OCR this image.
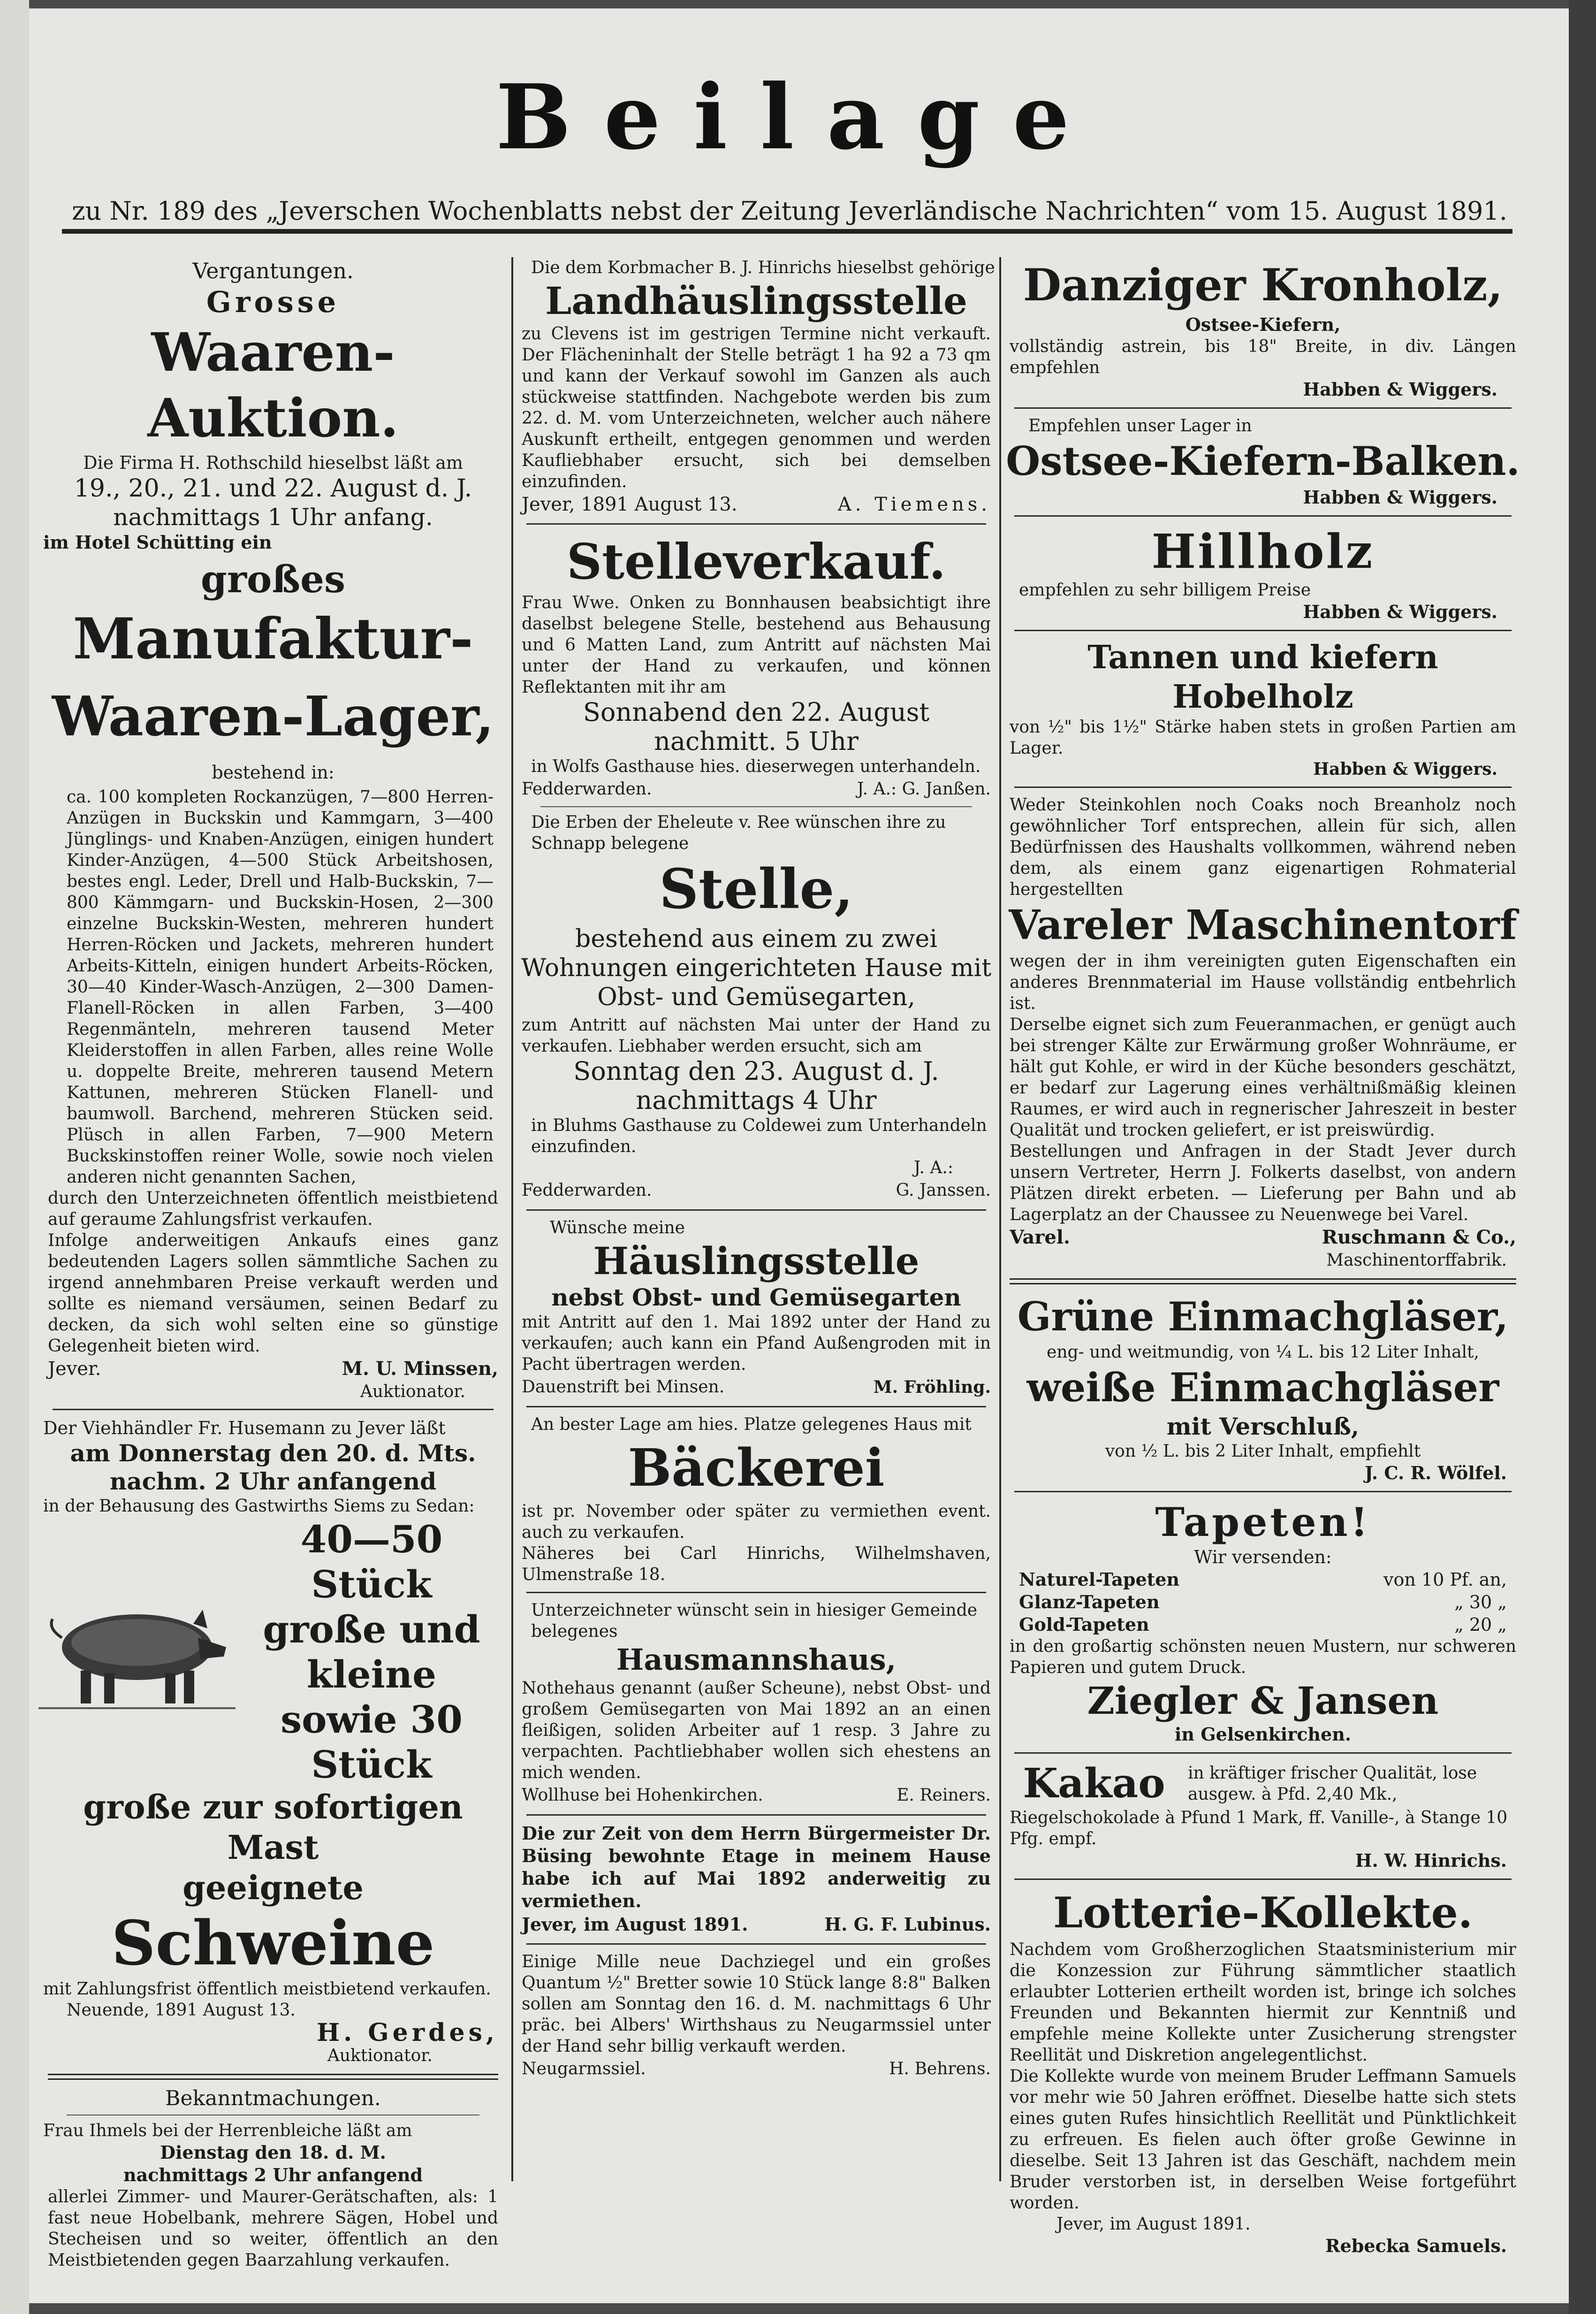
Beilage
zu Nr. 189 des „Jeverschen Wochenblatts nebst der Zeitung Jeverländische Nachrichten“ vom 15. August 1891.
Vergantungen.
Grosse
Waaren-Auktion.
Die Firma H. Rothschild hieselbst läßt am
19., 20., 21. und 22. August d. J.
nachmittags 1 Uhr anfang.
im Hotel Schütting ein
großes
Manufaktur-
Waaren-Lager,
bestehend in:
ca. 100 kompleten Rockanzügen, 7—800 Herren-Anzügen in Buckskin und Kammgarn, 3—400 Jünglings- und Knaben-Anzügen, einigen hundert Kinder-Anzügen, 4—500 Stück Arbeitshosen, bestes engl. Leder, Drell und Halb-Buckskin, 7—800 Kämmgarn- und Buckskin-Hosen, 2—300 einzelne Buckskin-Westen, mehreren hundert Herren-Röcken und Jackets, mehreren hundert Arbeits-Kitteln, einigen hundert Arbeits-Röcken, 30—40 Kinder-Wasch-Anzügen, 2—300 Damen-Flanell-Röcken in allen Farben, 3—400 Regenmänteln, mehreren tausend Meter Kleiderstoffen in allen Farben, alles reine Wolle u. doppelte Breite, mehreren tausend Metern Kattunen, mehreren Stücken Flanell- und baumwoll. Barchend, mehreren Stücken seid. Plüsch in allen Farben, 7—900 Metern Buckskinstoffen reiner Wolle, sowie noch vielen anderen nicht genannten Sachen,
durch den Unterzeichneten öffentlich meistbietend auf geraume Zahlungsfrist verkaufen.
Infolge anderweitigen Ankaufs eines ganz bedeutenden Lagers sollen sämmtliche Sachen zu irgend annehmbaren Preise verkauft werden und sollte es niemand versäumen, seinen Bedarf zu decken, da sich wohl selten eine so günstige Gelegenheit bieten wird.
Jever.	M. U. Minssen,
Auktionator.
Der Viehhändler Fr. Husemann zu Jever läßt
am Donnerstag den 20. d. Mts.
nachm. 2 Uhr anfangend
in der Behausung des Gastwirths Siems zu Sedan:
40—50 Stück
große und kleine
sowie 30 Stück
große zur sofortigen Mast
geeignete
Schweine
mit Zahlungsfrist öffentlich meistbietend verkaufen.
Neuende, 1891 August 13.
H. Gerdes,
Auktionator.
Bekanntmachungen.
Frau Ihmels bei der Herrenbleiche läßt am
Dienstag den 18. d. M.
nachmittags 2 Uhr anfangend
allerlei Zimmer- und Maurer-Gerätschaften, als: 1 fast neue Hobelbank, mehrere Sägen, Hobel und Stecheisen und so weiter, öffentlich an den Meistbietenden gegen Baarzahlung verkaufen.
Die dem Korbmacher B. J. Hinrichs hieselbst gehörige
Landhäuslingsstelle
zu Clevens ist im gestrigen Termine nicht verkauft. Der Flächeninhalt der Stelle beträgt 1 ha 92 a 73 qm und kann der Verkauf sowohl im Ganzen als auch stückweise stattfinden. Nachgebote werden bis zum 22. d. M. vom Unterzeichneten, welcher auch nähere Auskunft ertheilt, entgegen genommen und werden Kaufliebhaber ersucht, sich bei demselben einzufinden.
Jever, 1891 August 13.	A. Tiemens.
Stelleverkauf.
Frau Wwe. Onken zu Bonnhausen beabsichtigt ihre daselbst belegene Stelle, bestehend aus Behausung und 6 Matten Land, zum Antritt auf nächsten Mai unter der Hand zu verkaufen, und können Reflektanten mit ihr am
Sonnabend den 22. August
nachmitt. 5 Uhr
in Wolfs Gasthause hies. dieserwegen unterhandeln.
Fedderwarden.	J. A.: G. Janßen.
Die Erben der Eheleute v. Ree wünschen ihre zu Schnapp belegene
Stelle,
bestehend aus einem zu zwei Wohnungen eingerichteten Hause mit Obst- und Gemüsegarten,
zum Antritt auf nächsten Mai unter der Hand zu verkaufen. Liebhaber werden ersucht, sich am
Sonntag den 23. August d. J.
nachmittags 4 Uhr
in Bluhms Gasthause zu Coldewei zum Unterhandeln einzufinden.
J. A.:
Fedderwarden.	G. Janssen.
Wünsche meine
Häuslingsstelle
nebst Obst- und Gemüsegarten
mit Antritt auf den 1. Mai 1892 unter der Hand zu verkaufen; auch kann ein Pfand Außengroden mit in Pacht übertragen werden.
Dauenstrift bei Minsen.	M. Fröhling.
An bester Lage am hies. Platze gelegenes Haus mit
Bäckerei
ist pr. November oder später zu vermiethen event. auch zu verkaufen.
Näheres bei Carl Hinrichs, Wilhelmshaven, Ulmenstraße 18.
Unterzeichneter wünscht sein in hiesiger Gemeinde belegenes
Hausmannshaus,
Nothehaus genannt (außer Scheune), nebst Obst- und großem Gemüsegarten von Mai 1892 an an einen fleißigen, soliden Arbeiter auf 1 resp. 3 Jahre zu verpachten. Pachtliebhaber wollen sich ehestens an mich wenden.
Wollhuse bei Hohenkirchen.	E. Reiners.
Die zur Zeit von dem Herrn Bürgermeister Dr. Büsing bewohnte Etage in meinem Hause habe ich auf Mai 1892 anderweitig zu vermiethen.
Jever, im August 1891.	H. G. F. Lubinus.
Einige Mille neue Dachziegel und ein großes Quantum ½" Bretter sowie 10 Stück lange 8:8" Balken sollen am Sonntag den 16. d. M. nachmittags 6 Uhr präc. bei Albers' Wirthshaus zu Neugarmssiel unter der Hand sehr billig verkauft werden.
Neugarmssiel.	H. Behrens.
Danziger Kronholz,
Ostsee-Kiefern,
vollständig astrein, bis 18" Breite, in div. Längen empfehlen
Habben & Wiggers.
Empfehlen unser Lager in
Ostsee-Kiefern-Balken.
Habben & Wiggers.
Hillholz
empfehlen zu sehr billigem Preise
Habben & Wiggers.
Tannen und kiefern Hobelholz
von ½" bis 1½" Stärke haben stets in großen Partien am Lager.
Habben & Wiggers.
Weder Steinkohlen noch Coaks noch Breanholz noch gewöhnlicher Torf entsprechen, allein für sich, allen Bedürfnissen des Haushalts vollkommen, während neben dem, als einem ganz eigenartigen Rohmaterial hergestellten
Vareler Maschinentorf
wegen der in ihm vereinigten guten Eigenschaften ein anderes Brennmaterial im Hause vollständig entbehrlich ist.
Derselbe eignet sich zum Feueranmachen, er genügt auch bei strenger Kälte zur Erwärmung großer Wohnräume, er hält gut Kohle, er wird in der Küche besonders geschätzt, er bedarf zur Lagerung eines verhältnißmäßig kleinen Raumes, er wird auch in regnerischer Jahreszeit in bester Qualität und trocken geliefert, er ist preiswürdig.
Bestellungen und Anfragen in der Stadt Jever durch unsern Vertreter, Herrn J. Folkerts daselbst, von andern Plätzen direkt erbeten. — Lieferung per Bahn und ab Lagerplatz an der Chaussee zu Neuenwege bei Varel.
Varel.	Ruschmann & Co.,
Maschinentorffabrik.
Grüne Einmachgläser,
eng- und weitmundig, von ¼ L. bis 12 Liter Inhalt,
weiße Einmachgläser
mit Verschluß,
von ½ L. bis 2 Liter Inhalt, empfiehlt
J. C. R. Wölfel.
Tapeten!
Wir versenden:
Naturel-Tapeten	von 10 Pf. an,
Glanz-Tapeten	„ 30 „
Gold-Tapeten	„ 20 „
in den großartig schönsten neuen Mustern, nur schweren Papieren und gutem Druck.
Ziegler & Jansen
in Gelsenkirchen.
Kakao	in kräftiger frischer Qualität, lose ausgew. à Pfd. 2,40 Mk.,
Riegelschokolade à Pfund 1 Mark, ff. Vanille-, à Stange 10 Pfg. empf.
H. W. Hinrichs.
Lotterie-Kollekte.
Nachdem vom Großherzoglichen Staatsministerium mir die Konzession zur Führung sämmtlicher staatlich erlaubter Lotterien ertheilt worden ist, bringe ich solches Freunden und Bekannten hiermit zur Kenntniß und empfehle meine Kollekte unter Zusicherung strengster Reellität und Diskretion angelegentlichst.
Die Kollekte wurde von meinem Bruder Leffmann Samuels vor mehr wie 50 Jahren eröffnet. Dieselbe hatte sich stets eines guten Rufes hinsichtlich Reellität und Pünktlichkeit zu erfreuen. Es fielen auch öfter große Gewinne in dieselbe. Seit 13 Jahren ist das Geschäft, nachdem mein Bruder verstorben ist, in derselben Weise fortgeführt worden.
Jever, im August 1891.
Rebecka Samuels.
